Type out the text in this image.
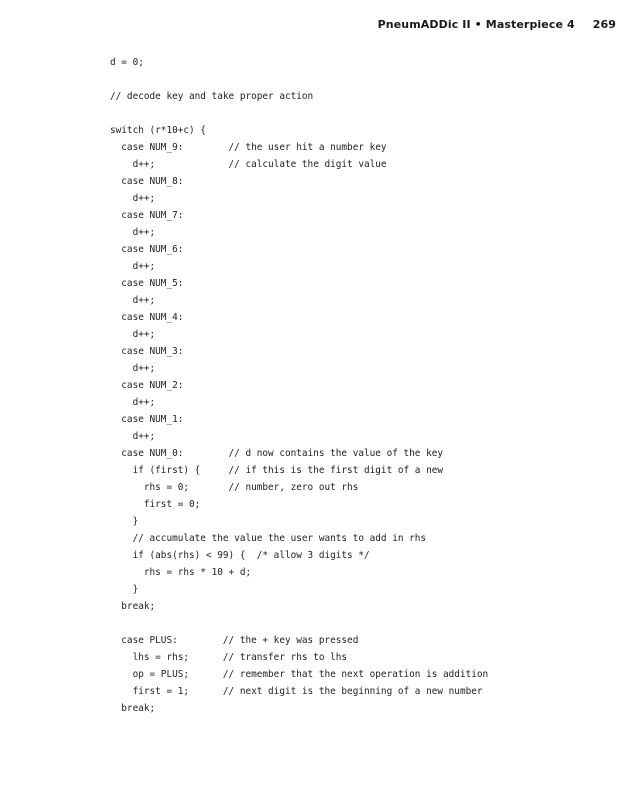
PneumADDic II • Masterpiece 4 269
d = 0;
// decode key and take proper action
switch (r*10+c) {
case NUM_9:        // the user hit a number key
d++;             // calculate the digit value
case NUM_8:
d++;
case NUM_7:
d++;
case NUM_6:
d++;
case NUM_5:
d++;
case NUM_4:
d++;
case NUM_3:
d++;
case NUM_2:
d++;
case NUM_1:
d++;
case NUM_0:        // d now contains the value of the key
if (first) {     // if this is the first digit of a new
rhs = 0;       // number, zero out rhs
first = 0;
}
// accumulate the value the user wants to add in rhs
if (abs(rhs) < 99) {  /* allow 3 digits */
rhs = rhs * 10 + d;
}
break;
case PLUS:        // the + key was pressed
lhs = rhs;      // transfer rhs to lhs
op = PLUS;      // remember that the next operation is addition
first = 1;      // next digit is the beginning of a new number
break;
